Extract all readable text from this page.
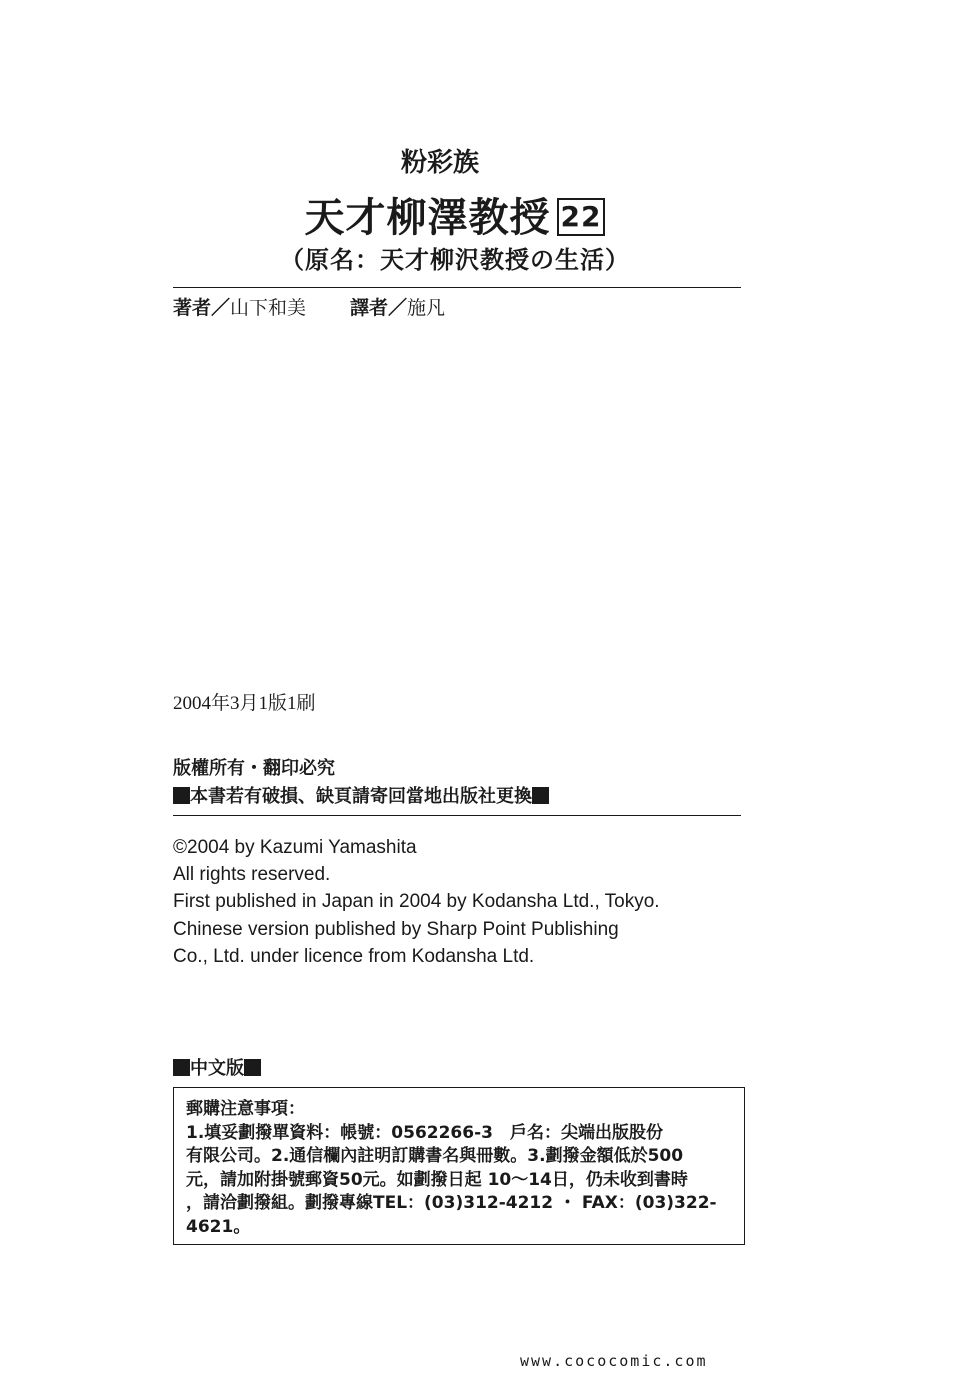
粉彩族
天才柳澤教授 22
（原名：天才柳沢教授の生活）
著者／山下和美 譯者／施凡
2004年3月1版1刷
版權所有・翻印必究
本書若有破損、缺頁請寄回當地出版社更換
©2004 by Kazumi Yamashita
All rights reserved.
First published in Japan in 2004 by Kodansha Ltd., Tokyo.
Chinese version published by Sharp Point Publishing
Co., Ltd. under licence from Kodansha Ltd.
中文版
郵購注意事項：
1.填妥劃撥單資料：帳號：0562266-3　戶名：尖端出版股份
有限公司。2.通信欄內註明訂購書名與冊數。3.劃撥金額低於500
元，請加附掛號郵資50元。如劃撥日起 10～14日，仍未收到書時
，請洽劃撥組。劃撥專線TEL：(03)312-4212 ・ FAX：(03)322-
4621。
www.cococomic.com
